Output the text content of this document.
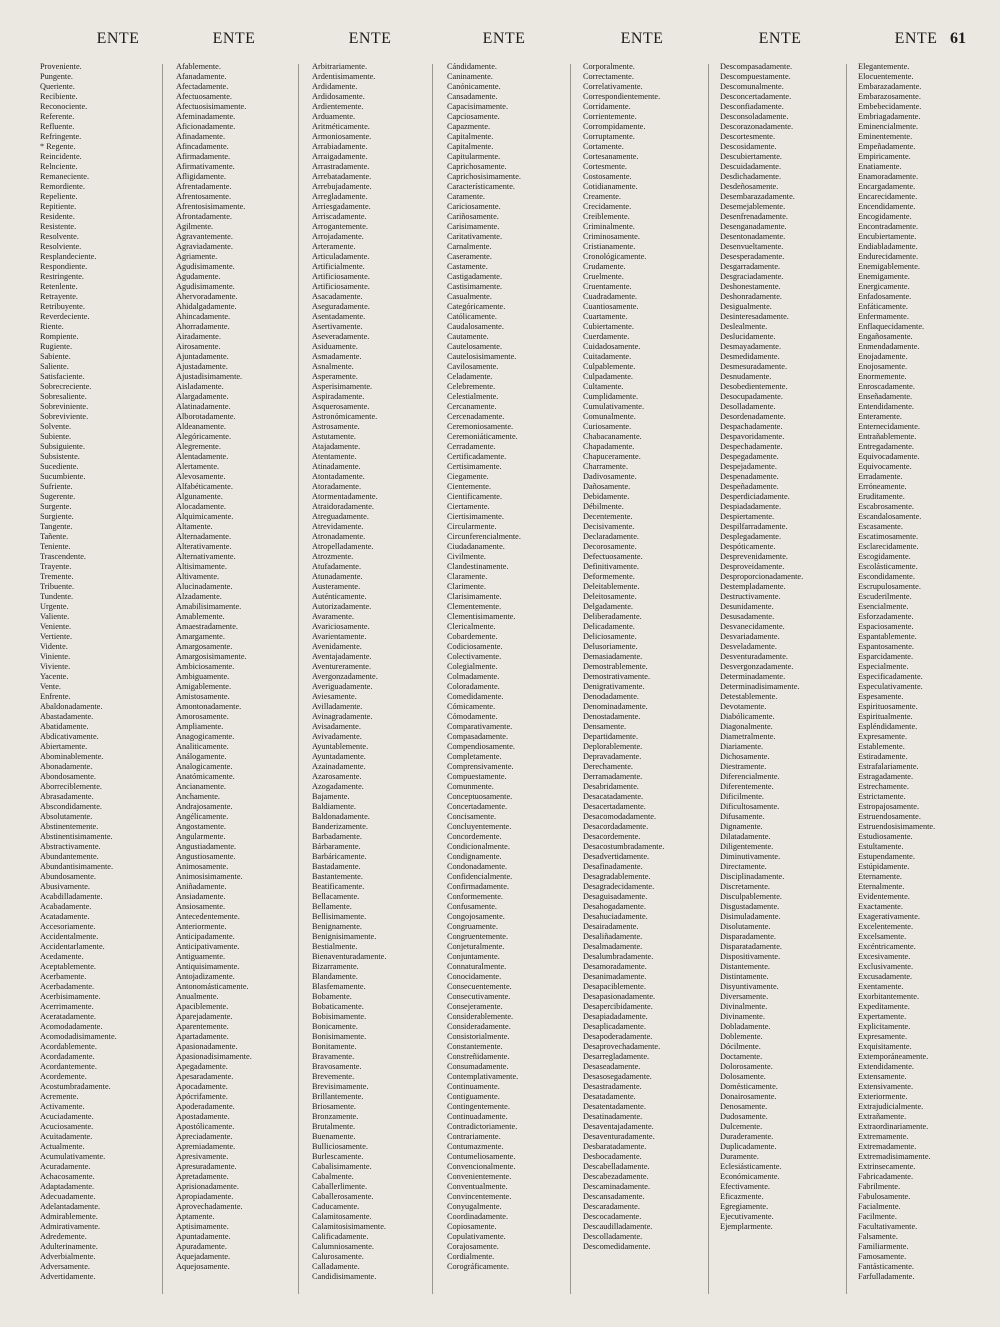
ENTE	ENTE	ENTE	ENTE	ENTE	ENTE	ENTE 61
Proveniente.
Pungente.
Queriente.
Recibiente.
Reconociente.
Referente.
Refluente.
Refringente.
* Regente.
Reincidente.
Relnciente.
Remaneciente.
Remordiente.
Repeliente.
Repitiente.
Residente.
Resistente.
Resolvente.
Resolviente.
Resplandeciente.
Respondiente.
Restringente.
Retenlente.
Retrayente.
Retribuyente.
Reverdeciente.
Riente.
Rompiente.
Rugiente.
Sabiente.
Saliente.
Satisfaciente.
Sobrecreciente.
Sobresaliente.
Sobreviniente.
Sobreviviente.
Solvente.
Subiente.
Subsiguiente.
Subsistente.
Sucediente.
Sucumbiente.
Sufriente.
Sugerente.
Surgente.
Surgiente.
Tangente.
Tañente.
Teniente.
Trascendente.
Trayente.
Tremente.
Tribuente.
Tundente.
Urgente.
Valiente.
Veniente.
Vertiente.
Vidente.
Viniente.
Viviente.
Yacente.
Vente.
Enfrente.
Abaldonadamente.
Abastadamente.
Abatidamente.
Abdicativamente.
Abiertamente.
Abominablemente.
Abonadamente.
Abondosamente.
Aborreciblemente.
Abrasadamente.
Abscondidamente.
Absolutamente.
Abstinentemente.
Abstinentisimamente.
Abstractivamente.
Abundantemente.
Abundantisimamente.
Abundosamente.
Abusivamente.
Acabdilladamente.
Acabadamente.
Acatadamente.
Accesoriamente.
Accidentalmente.
Accidentarlamente.
Acedamente.
Aceptablemente.
Acerbamente.
Acerbadamente.
Acerbisimamente.
Acerrimamente.
Aceratadamente.
Acomodadamente.
Acomodadisimamente.
Acordablemente.
Acordadamente.
Acordantemente.
Acordemente.
Acostumbradamente.
Acremente.
Activamente.
Acuciadamente.
Acuciosamente.
Acuitadamente.
Actualmente.
Acumulativamente.
Acuradamente.
Achacosamente.
Adaptadamente.
Adecuadamente.
Adelantadamente.
Admirablemente.
Admirativamente.
Adredemente.
Adulterinamente.
Adverbialmente.
Adversamente.
Advertidamente.
Afablemente.
Afanadamente.
Afectadamente.
Afectuosamente.
Afectuosisimamente.
Afeminadamente.
Aficionadamente.
Afinadamente.
Afincadamente.
Afirmadamente.
Afirmativamente.
Afligidamente.
Afrentadamente.
Afrentosamente.
Afrentosisimamente.
Afrontadamente.
Agilmente.
Agravantemente.
Agraviadamente.
Agriamente.
Agudisimamente.
Agudamente.
Agudisimamente.
Ahervoradamente.
Ahidalgadamente.
Ahincadamente.
Ahorradamente.
Airadamente.
Airosamente.
Ajuntadamente.
Ajustadamente.
Ajustadisimamente.
Aisladamente.
Alargadamente.
Alatinadamente.
Alborotadamente.
Aldeanamente.
Alegóricamente.
Alegremente.
Alentadamente.
Alertamente.
Alevosamente.
Alfabéticamente.
Algunamente.
Alocadamente.
Alquimicamente.
Altamente.
Alternadamente.
Alterativamente.
Alternativamente.
Altisimamente.
Altivamente.
Alucinadamente.
Alzadamente.
Amabilisimamente.
Amablemente.
Amaestradamente.
Amargamente.
Amargosamente.
Amargosisimamente.
Ambiciosamente.
Ambiguamente.
Amigablemente.
Amistosamente.
Amontonadamente.
Amorosamente.
Ampliamente.
Anagogicamente.
Analiticamente.
Análogamente.
Analogicamente.
Anatómicamente.
Ancianamente.
Anchamente.
Andrajosamente.
Angélicamente.
Angostamente.
Angularmente.
Angustiadamente.
Angustiosamente.
Animosamente.
Animosisimamente.
Aniñadamente.
Ansiadamente.
Ansiosamente.
Antecedentemente.
Anteriormente.
Anticipadamente.
Anticipativamente.
Antiguamente.
Antiquisimamente.
Antojadizamente.
Antonomásticamente.
Anualmente.
Apaciblemente.
Aparejadamente.
Aparentemente.
Apartadamente.
Apasionadamente.
Apasionadisimamente.
Apegadamente.
Apesaradamente.
Apocadamente.
Apócrifamente.
Apoderadamente.
Apostadamente.
Apostólicamente.
Apreciadamente.
Apremiadamente.
Apresivamente.
Apresuradamente.
Apretadamente.
Aprisionadamente.
Apropiadamente.
Aprovechadamente.
Aptamente.
Aptisimamente.
Apuntadamente.
Apuradamente.
Aquejadamente.
Aquejosamente.
Arbitrariamente.
Ardentisimamente.
Ardidamente.
Ardidosamente.
Ardientemente.
Arduamente.
Aritméticamente.
Armoniosamente.
Arrabiadamente.
Arraigadamente.
Arrastradamente.
Arrebatadamente.
Arrebujadamente.
Arregladamente.
Arriesgadamente.
Arriscadamente.
Arrogantemente.
Arrojadamente.
Arteramente.
Articuladamente.
Artificialmente.
Artificiosamente.
Artificiosamente.
Asacadamente.
Aseguradamente.
Asentadamente.
Asertivamente.
Aseveradamente.
Asiduamente.
Asmadamente.
Asnalmente.
Asperamente.
Asperisimamente.
Aspiradamente.
Asquerosamente.
Astronómicamente.
Astrosamente.
Astutamente.
Atajadamente.
Atentamente.
Atinadamente.
Atontadamente.
Atoradamente.
Atormentadamente.
Atraidoradamente.
Atreguadamente.
Atrevidamente.
Atronadamente.
Atropelladamente.
Atrozmente.
Atufadamente.
Atunadamente.
Austeramente.
Auténticamente.
Autorizadamente.
Avaramente.
Avariciosamente.
Avarientamente.
Avenidamente.
Aventajadamente.
Aventureramente.
Avergonzadamente.
Averiguadamente.
Aviesamente.
Avilladamente.
Avinagradamente.
Avisadamente.
Avivadamente.
Ayuntablemente.
Ayuntadamente.
Azainadamente.
Azarosamente.
Azogadamente.
Bajamente.
Baldiamente.
Baldonadamente.
Banderizamente.
Barbadamente.
Bárbaramente.
Barbáricamente.
Bastadamente.
Bastantemente.
Beatificamente.
Bellacamente.
Bellamente.
Bellisimamente.
Benignamente.
Benignisimamente.
Bestialmente.
Bienaventuradamente.
Bizarramente.
Blandamente.
Blasfemamente.
Bobamente.
Bobaticamente.
Bobisimamente.
Bonicamente.
Bonisimamente.
Bonitamente.
Bravamente.
Bravosamente.
Brevemente.
Brevisimamente.
Brillantemente.
Briosamente.
Bronzamente.
Brutalmente.
Buenamente.
Bulliciosamente.
Burlescamente.
Cabalisimamente.
Cabalmente.
Caballerlimente.
Caballerosamente.
Caducamente.
Calamitosamente.
Calamitosisimamente.
Calificadamente.
Calumniosamente.
Calurosamente.
Calladamente.
Candidisimamente.
Cándidamente.
Caninamente.
Canónicamente.
Cansadamente.
Capacisimamente.
Capciosamente.
Capazmente.
Capitalmente.
Capitalmente.
Capitularmente.
Caprichosamente.
Caprichosisimamente.
Característicamente.
Caramente.
Cariciosamente.
Cariñosamente.
Carisimamente.
Caritativamente.
Carnalmente.
Caseramente.
Castamente.
Castigadamente.
Castisimamente.
Casualmente.
Categóricamente.
Católicamente.
Caudalosamente.
Cautamente.
Cautelosamente.
Cautelosisimamente.
Cavilosamente.
Celadamente.
Celebremente.
Celestialmente.
Cercanamente.
Cercenadamente.
Ceremoniosamente.
Ceremoniáticamente.
Cerradamente.
Certificadamente.
Certisimamente.
Ciegamente.
Cientemente.
Cientificamente.
Ciertamente.
Ciertisimamente.
Circularmente.
Circunferencialmente.
Ciudadanamente.
Civilmente.
Clandestinamente.
Claramente.
Clarimente.
Clarisimamente.
Clementemente.
Clementisimamente.
Clericalmente.
Cobardemente.
Codiciosamente.
Colectivamente.
Colegialmente.
Colmadamente.
Coloradamente.
Comedidamente.
Cómicamente.
Cómodamente.
Comparativamente.
Compasadamente.
Compendiosamente.
Completamente.
Comprensivamente.
Compuestamente.
Comunmente.
Conceptuosamente.
Concertadamente.
Concisamente.
Concluyentemente.
Concordemente.
Condicionalmente.
Condignamente.
Condonadamente.
Confidencialmente.
Confirmadamente.
Conformemente.
Confusamente.
Congojosamente.
Congruamente.
Congruentemente.
Conjeturalmente.
Conjuntamente.
Connaturalmente.
Conocidamente.
Consecuentemente.
Consecutivamente.
Consejeramente.
Considerablemente.
Consideradamente.
Consistorialmente.
Constantemente.
Constreñidamente.
Consumadamente.
Contemplativamente.
Continuamente.
Contiguamente.
Contingentemente.
Continuadamente.
Contradictoriamente.
Contrariamente.
Contumazmente.
Contumeliosamente.
Convencionalmente.
Convenientemente.
Conventualmente.
Convincentemente.
Conyugalmente.
Coordinadamente.
Copiosamente.
Copulativamente.
Corajosamente.
Cordialmente.
Corográficamente.
Corporalmente.
Correctamente.
Correlativamente.
Correspondientemente.
Corridamente.
Corrientemente.
Corrompidamente.
Corruptamente.
Cortamente.
Cortesanamente.
Cortesmente.
Costosamente.
Cotidianamente.
Creamente.
Crecidamente.
Creiblemente.
Criminalmente.
Criminosamente.
Cristianamente.
Cronológicamente.
Crudamente.
Cruelmente.
Cruentamente.
Cuadradamente.
Cuantiosamente.
Cuartamente.
Cubiertamente.
Cuerdamente.
Cuidadosamente.
Cuitadamente.
Culpablemente.
Culpadamente.
Cultamente.
Cumplidamente.
Cumulativamente.
Comunalmente.
Curiosamente.
Chabacanamente.
Chapadamente.
Chapuceramente.
Charramente.
Dadivosamente.
Dañosamente.
Debidamente.
Débilmente.
Decentemente.
Decisivamente.
Declaradamente.
Decorosamente.
Defectuosamente.
Definitivamente.
Deformemente.
Deleitablemente.
Deleitosamente.
Delgadamente.
Deliberadamente.
Delicadamente.
Deliciosamente.
Delusoriamente.
Demasiadamente.
Demostrablemente.
Demostrativamente.
Denigrativamente.
Denodadamente.
Denominadamente.
Denostadamente.
Densamente.
Departidamente.
Deplorablemente.
Depravadamente.
Derechamente.
Derramadamente.
Desabridamente.
Desacatadamente.
Desacertadamente.
Desacomodadamente.
Desacordadamente.
Desacordemente.
Desacostumbradamente.
Desadvertidamente.
Desafinadamente.
Desagradablemente.
Desagradecidamente.
Desaguisadamente.
Desahogadamente.
Desahuciadamente.
Desairadamente.
Desaliñadamente.
Desalmadamente.
Desalumbradamente.
Desamoradamente.
Desanimadamente.
Desapaciblemente.
Desapasionadamente.
Desapercibidamente.
Desapiadadamente.
Desaplicadamente.
Desapoderadamente.
Desaprovechadamente.
Desarregladamente.
Desaseadamente.
Desasosegadamente.
Desastradamente.
Desatadamente.
Desatentadamente.
Desatinadamente.
Desaventajadamente.
Desaventuradamente.
Desbaratadamente.
Desbocadamente.
Descabelladamente.
Descabezadamente.
Descaminadamente.
Descansadamente.
Descaradamente.
Descocadamente.
Descaudilladamente.
Descolladamente.
Descomedidamente.
Descompasadamente.
Descompuestamente.
Descomunalmente.
Desconcertadamente.
Desconfiadamente.
Desconsoladamente.
Descorazonadamente.
Descortesmente.
Descosidamente.
Descubiertamente.
Descuidadamente.
Desdichadamente.
Desdeñosamente.
Desembarazadamente.
Desemejablemente.
Desenfrenadamente.
Desenganadamente.
Desentonadamente.
Desenvueltamente.
Desesperadamente.
Desgarradamente.
Desgraciadamente.
Deshonestamente.
Deshonradamente.
Desigualmente.
Desinteresadamente.
Deslealmente.
Deslucidamente.
Desmayadamente.
Desmedidamente.
Desmesuradamente.
Desnudamente.
Desobedientemente.
Desocupadamente.
Desolladamente.
Desordenadamente.
Despachadamente.
Despavoridamente.
Despechadamente.
Despegadamente.
Despejadamente.
Despenadamente.
Despeñadamente.
Desperdiciadamente.
Despiadadamente.
Despiertamente.
Despilfarradamente.
Desplegadamente.
Despóticamente.
Desprevenidamente.
Desproveidamente.
Desproporcionadamente.
Destempladamente.
Destructivamente.
Desunidamente.
Desusadamente.
Desvanecidamente.
Desvariadamente.
Desveladamente.
Desventuradamente.
Desvergonzadamente.
Determinadamente.
Determinadisimamente.
Detestablemente.
Devotamente.
Diabólicamente.
Diagonalmente.
Diametralmente.
Diariamente.
Dichosamente.
Diestramente.
Diferencialmente.
Diferentemente.
Dificilmente.
Dificultosamente.
Difusamente.
Dignamente.
Dilatadamente.
Diligentemente.
Diminutivamente.
Directamente.
Disciplinadamente.
Discretamente.
Disculpablemente.
Disgustadamente.
Disimuladamente.
Disolutamente.
Disparadamente.
Disparatadamente.
Dispositivamente.
Distantemente.
Distintamente.
Disyuntivamente.
Diversamente.
Divinalmente.
Divinamente.
Dobladamente.
Doblemente.
Dócilmente.
Doctamente.
Dolorosamente.
Dolosamente.
Domésticamente.
Donairosamente.
Denosamente.
Dudosamente.
Dulcemente.
Duraderamente.
Duplicadamente.
Duramente.
Eclesiásticamente.
Económicamente.
Efectivamente.
Eficazmente.
Egregiamente.
Ejecutivamente.
Ejemplarmente.
Elegantemente.
Elocuentemente.
Embarazadamente.
Embarazosamente.
Embebecidamente.
Embriagadamente.
Eminencialmente.
Eminentemente.
Empeñadamente.
Empiricamente.
Enatiamente.
Enamoradamente.
Encargadamente.
Encarecidamente.
Encendidamente.
Encogidamente.
Encontradamente.
Encubiertamente.
Endiabladamente.
Endurecidamente.
Enemigablemente.
Enemigamente.
Energicamente.
Enfadosamente.
Enfáticamente.
Enfermamente.
Enflaquecidamente.
Engañosamente.
Enmendadamente.
Enojadamente.
Enojosamente.
Enormemente.
Enroscadamente.
Enseñadamente.
Entendidamente.
Enteramente.
Enternecidamente.
Entrañablemente.
Entregadamente.
Equivocadamente.
Equivocamente.
Erradamente.
Erróneamente.
Eruditamente.
Escabrosamente.
Escandalosamente.
Escasamente.
Escatimosamente.
Esclarecidamente.
Escogidamente.
Escolásticamente.
Escondidamente.
Escrupulosamente.
Escuderilmente.
Esencialmente.
Esforzadamente.
Espaciosamente.
Espantablemente.
Espantosamente.
Esparcidamente.
Especialmente.
Especificadamente.
Especulativamente.
Espesamente.
Espirituosamente.
Espiritualmente.
Espléndidamente.
Expresamente.
Establemente.
Estiradamente.
Estrafalariamente.
Estragadamente.
Estrechamente.
Estrictamente.
Estropajosamente.
Estruendosamente.
Estruendosisimamente.
Estudiosamente.
Estultamente.
Estupendamente.
Estúpidamente.
Eternamente.
Eternalmente.
Evidentemente.
Exactamente.
Exagerativamente.
Excelentemente.
Excelsamente.
Excéntricamente.
Excesivamente.
Exclusivamente.
Excusadamente.
Exentamente.
Exorbitantemente.
Expeditamente.
Expertamente.
Explicitamente.
Expresamente.
Exquisitamente.
Extemporáneamente.
Extendidamente.
Extensamente.
Extensivamente.
Exteriormente.
Extrajudicialmente.
Extrañamente.
Extraordinariamente.
Extremamente.
Extremadamente.
Extremadisimamente.
Extrinsecamente.
Fabricadamente.
Fabrilmente.
Fabulosamente.
Facialmente.
Facilmente.
Facultativamente.
Falsamente.
Familiarmente.
Famosamente.
Fantásticamente.
Farfulladamente.
